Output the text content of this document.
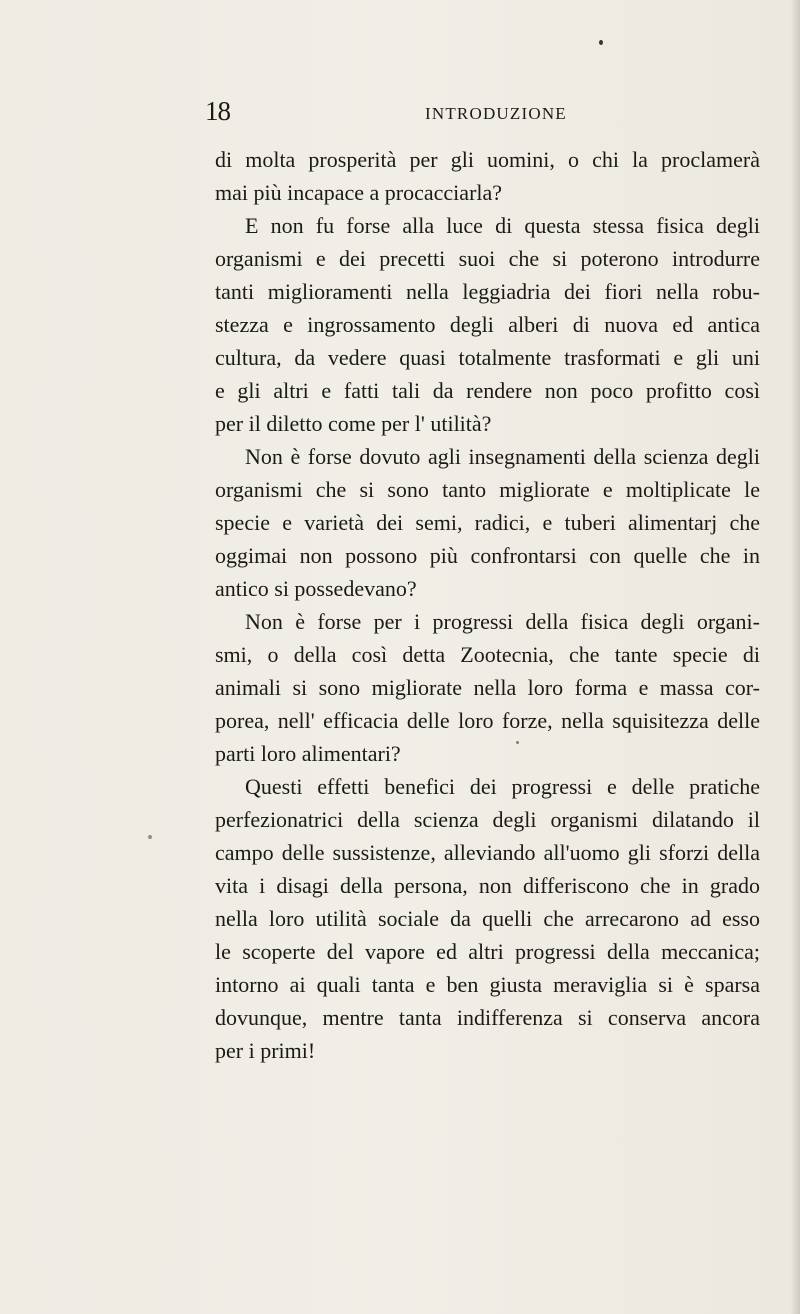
18	INTRODUZIONE
di molta prosperità per gli uomini, o chi la proclamerà
mai più incapace a procacciarla?
E non fu forse alla luce di questa stessa fisica degli
organismi e dei precetti suoi che si poterono introdurre
tanti miglioramenti nella leggiadria dei fiori nella robu-
stezza e ingrossamento degli alberi di nuova ed antica
cultura, da vedere quasi totalmente trasformati e gli uni
e gli altri e fatti tali da rendere non poco profitto così
per il diletto come per l' utilità?
Non è forse dovuto agli insegnamenti della scienza degli
organismi che si sono tanto migliorate e moltiplicate le
specie e varietà dei semi, radici, e tuberi alimentarj che
oggimai non possono più confrontarsi con quelle che in
antico si possedevano?
Non è forse per i progressi della fisica degli organi-
smi, o della così detta Zootecnia, che tante specie di
animali si sono migliorate nella loro forma e massa cor-
porea, nell' efficacia delle loro forze, nella squisitezza delle
parti loro alimentari?
Questi effetti benefici dei progressi e delle pratiche
perfezionatrici della scienza degli organismi dilatando il
campo delle sussistenze, alleviando all'uomo gli sforzi della
vita i disagi della persona, non differiscono che in grado
nella loro utilità sociale da quelli che arrecarono ad esso
le scoperte del vapore ed altri progressi della meccanica;
intorno ai quali tanta e ben giusta meraviglia si è sparsa
dovunque, mentre tanta indifferenza si conserva ancora
per i primi!
